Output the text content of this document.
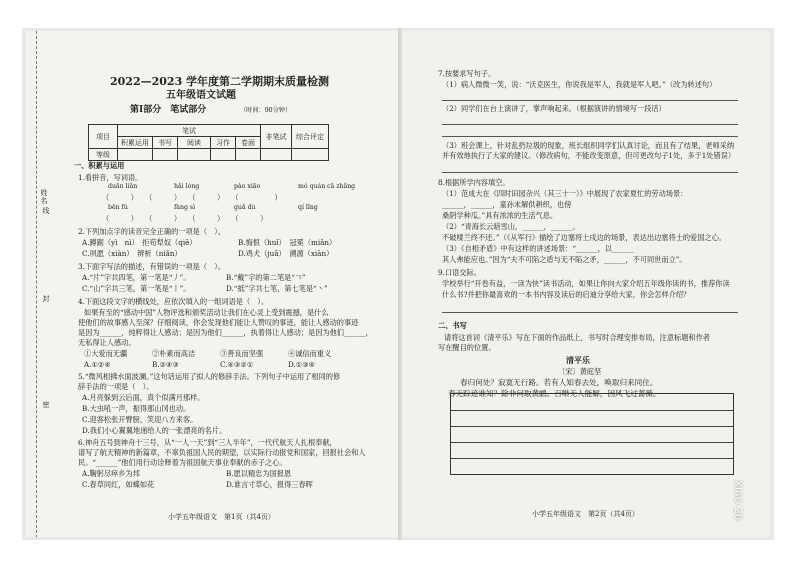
姓名
线
封
密
2022—2023 学年度第二学期期末质量检测
五年级语文试题
第Ⅰ部分　笔试部分	（时间：90分钟）
项目	笔试					非笔试	综合评定
	积累运用	书写	阅读	习作	卷面		
等级							
一、积累与运用
1.看拼音，写词语。
duān liǎn	hǎi lóng	pào xiāo	mó quán cā zhǎng
（　　　）　　（　　　）　　（　　　）　　（　　　　　）
bēn fù	fàng sì	guǎ dù	qí lǐng
（　　　）　　（　　　）　　（　　　）　　（　　　）
2.下列加点字的读音完全正确的一项是（　）。
A.蹲踞（yì　nì）　拒苟犁奴（qiě）	B.悔恨（huǐ）　冠冕（miǎn）
C.夙愿（xiàn）　辨析（niǎn）	D.鸡犬（juǎ）　溯源（xiān）
3.下面字写法的描述，有错误的一项是（　）。
A.“片”字共四笔，第一笔是“丿”。	B.“戴”字的第二笔是“ㄱ”
C.“山”字共三笔，第一笔是“丨”。	D.“抵”字共七笔，第七笔是“丶”
4.下面这段文字的横线处，应依次填入的一组词语是（　）。
如果有至的“感动中国”人物评选和颁奖活动让我们在心灵上受到震撼，是什么
使他们的故事感人至深？仔细阅读，你会发现他们能让人赞叹的事迹，能让人感动的事迹
是因为______，纯粹得让人感动；是因为他们______，执着得让人感动；是因为他们______，
无私得让人感动。
①大爱而无疆	②朴素而高洁	③善良而坚强	④诚信而重义
A.①②④	B.②④③	C.④③②①	D.①③④
5.“微风相拂水面波澜。”这句话运用了拟人的修辞手法。下列句子中运用了相同的修
辞手法的一项是（　）。
A.月亮躲到云后面，真个似满月那样。
B.大虫吼一声，振得那山冈也动。
C.迎客松张开臂膀，笑迎八方来客。
D.我们小心翼翼地递给人的一张漂亮的名片。
6.神舟五号到神舟十三号，从“一人一天”到“三人半年”，一代代航天人扎根奉献，
谱写了航天精神的新篇章，不辜负祖国人民的期望，以实际行动报党和国家，回报社会和人
民。“______”他们用行动诠释着为祖国航天事业奉献的赤子之心。
A.鞠躬尽瘁乡为邦	B.愿以精忠为国报恩
C.春草同红，如蝶如花	D.谁言寸草心，报得三春晖
小学五年级语文　第1页（共4页）
7.按要求写句子。
（1）病人微微一笑，说：“沃克医生，你说我是军人，我就是军人吧。”（改为转述句）
（2）同学们在台上演讲了，掌声响起来。（根据演讲的情境写一段话）
（3）班会课上，针对乱扔垃圾的现象，班长组织同学们认真讨论，而且有了结果，老师采纳
并有效地执行了大家的建议。（修改病句，不能改变原意，但可更改句子1处，多于1处错误）
8.根据所学内容填空。
（1）范成大在《四时田园杂兴（其三十一）》中展现了农家夏忙的劳动场景：
______，______，童孙未解供耕织，也傍
桑阴学种瓜。”具有浓浓的生活气息。
（2）“青海长云暗雪山，______，______。
不破楼兰终不还。”（《从军行》描绘了边塞将士戍边的场景，表达出边塞将士的爱国之心。
（3）《自相矛盾》中有这样的讲述场景：“______，以______
其人弗能应也。”因为“夫不可陷之盾与无不陷之矛，______，不可同世而立”。
9.口语交际。
学校举行“开卷有益，一读为快”读书活动，如果让你向大家介绍五年级你读的书，推荐你读
什么书?并把你最喜欢的一本书内容及读后的启迪分享给大家，你会怎样介绍？
二、书写
请将这首词《清平乐》写在下面的作品纸上，书写时合理安排布局，注意标题和作者
写在醒目的位置。
清平乐
〔宋〕黄庭坚
春归何处？寂寞无行路。若有人知春去处，唤取归来同住。
春无踪迹谁知？除非问取黄鹂。百啭无人能解，因风飞过蔷薇。
小学五年级语文　第2页（共4页）	XIAO 20
